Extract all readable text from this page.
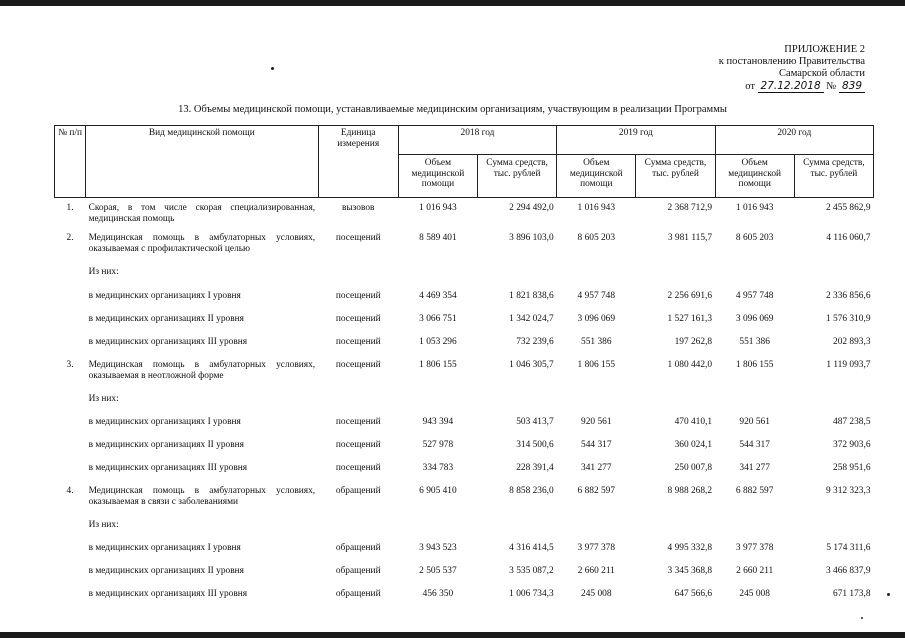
ПРИЛОЖЕНИЕ 2
к постановлению Правительства
Самарской области
от 27.12.2018 № 839
13. Объемы медицинской помощи, устанавливаемые медицинским организациям, участвующим в реализации Программы
№ п/п	Вид медицинской помощи	Единица измерения	2018 год		2019 год		2020 год	
			Объем медицинской помощи	Сумма средств, тыс. рублей	Объем медицинской помощи	Сумма средств, тыс. рублей	Объем медицинской помощи	Сумма средств, тыс. рублей
1.	Скорая, в том числе скорая специализированная, медицинская помощь	вызовов	1 016 943	2 294 492,0	1 016 943	2 368 712,9	1 016 943	2 455 862,9
2.	Медицинская помощь в амбулаторных условиях, оказываемая с профилактической целью	посещений	8 589 401	3 896 103,0	8 605 203	3 981 115,7	8 605 203	4 116 060,7
	Из них:							
	в медицинских организациях I уровня	посещений	4 469 354	1 821 838,6	4 957 748	2 256 691,6	4 957 748	2 336 856,6
	в медицинских организациях II уровня	посещений	3 066 751	1 342 024,7	3 096 069	1 527 161,3	3 096 069	1 576 310,9
	в медицинских организациях III уровня	посещений	1 053 296	732 239,6	551 386	197 262,8	551 386	202 893,3
3.	Медицинская помощь в амбулаторных условиях, оказываемая в неотложной форме	посещений	1 806 155	1 046 305,7	1 806 155	1 080 442,0	1 806 155	1 119 093,7
	Из них:							
	в медицинских организациях I уровня	посещений	943 394	503 413,7	920 561	470 410,1	920 561	487 238,5
	в медицинских организациях II уровня	посещений	527 978	314 500,6	544 317	360 024,1	544 317	372 903,6
	в медицинских организациях III уровня	посещений	334 783	228 391,4	341 277	250 007,8	341 277	258 951,6
4.	Медицинская помощь в амбулаторных условиях, оказываемая в связи с заболеваниями	обращений	6 905 410	8 858 236,0	6 882 597	8 988 268,2	6 882 597	9 312 323,3
	Из них:							
	в медицинских организациях I уровня	обращений	3 943 523	4 316 414,5	3 977 378	4 995 332,8	3 977 378	5 174 311,6
	в медицинских организациях II уровня	обращений	2 505 537	3 535 087,2	2 660 211	3 345 368,8	2 660 211	3 466 837,9
	в медицинских организациях III уровня	обращений	456 350	1 006 734,3	245 008	647 566,6	245 008	671 173,8
